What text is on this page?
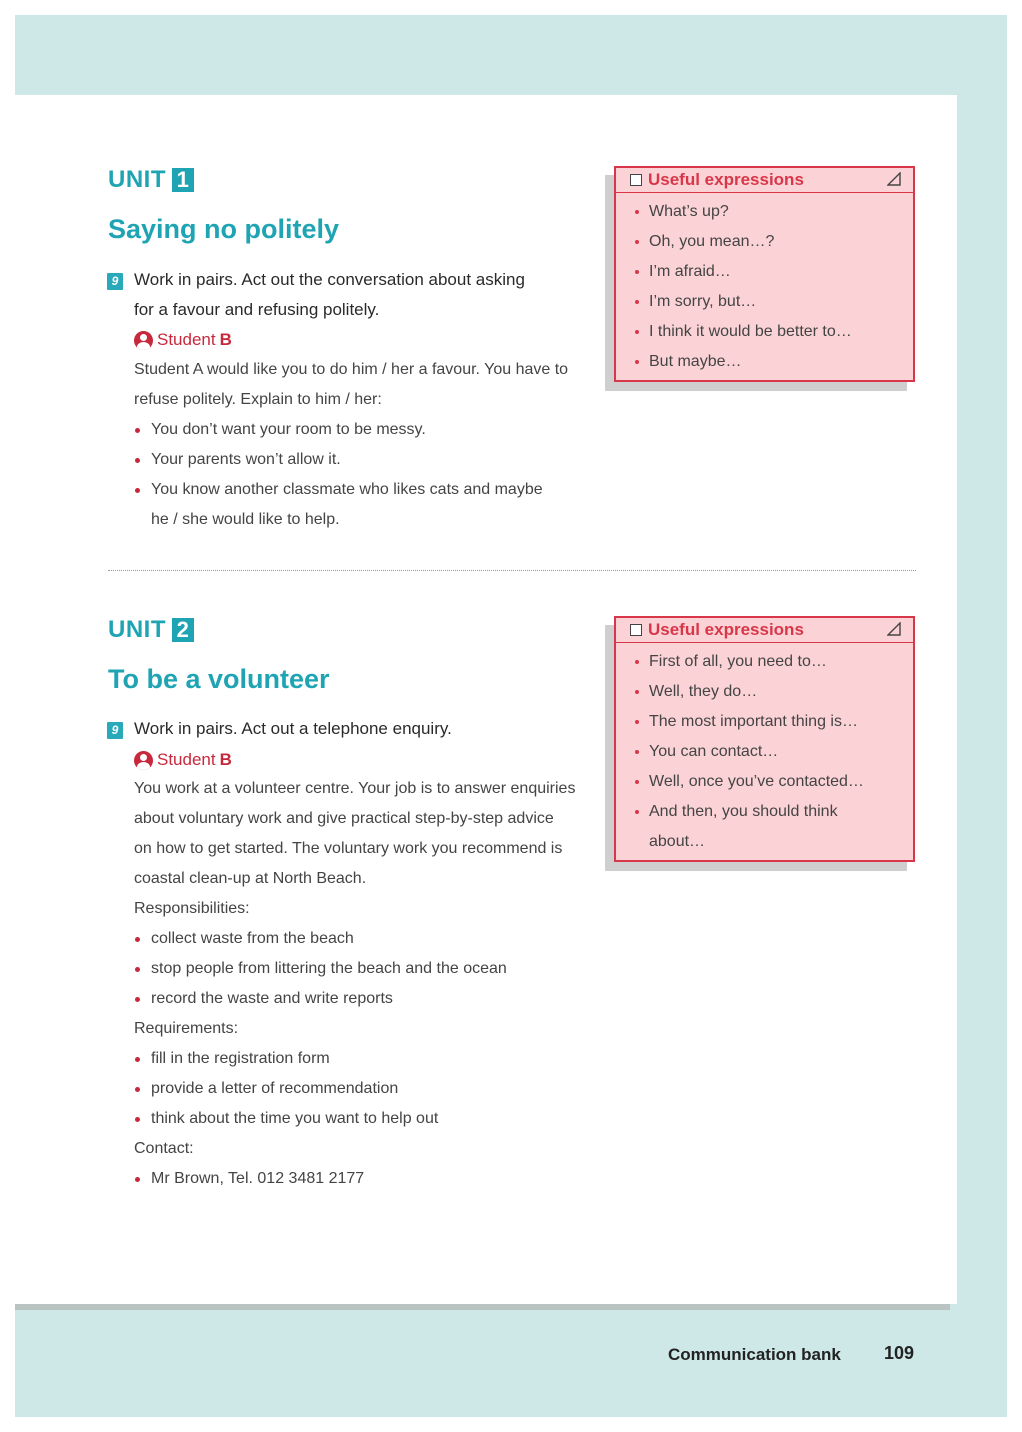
UNIT 1
Saying no politely
9 Work in pairs. Act out the conversation about asking
for a favour and refusing politely.
Student B

Student A would like you to do him / her a favour. You have to

refuse politely. Explain to him / her:

You don’t want your room to be messy.
Your parents won’t allow it.
You know another classmate who likes cats and maybe
he / she would like to help.
Useful expressions
What’s up?
Oh, you mean…?
I’m afraid…
I’m sorry, but…
I think it would be better to…
But maybe…
UNIT 2
To be a volunteer
9 Work in pairs. Act out a telephone enquiry.
Student B

You work at a volunteer centre. Your job is to answer enquiries

about voluntary work and give practical step-by-step advice

on how to get started. The voluntary work you recommend is

coastal clean-up at North Beach.

Responsibilities:

collect waste from the beach
stop people from littering the beach and the ocean
record the waste and write reports

Requirements:

fill in the registration form
provide a letter of recommendation
think about the time you want to help out

Contact:

Mr Brown, Tel. 012 3481 2177
Useful expressions
First of all, you need to…
Well, they do…
The most important thing is…
You can contact…
Well, once you’ve contacted…
And then, you should think
about…
Communication bank 109
